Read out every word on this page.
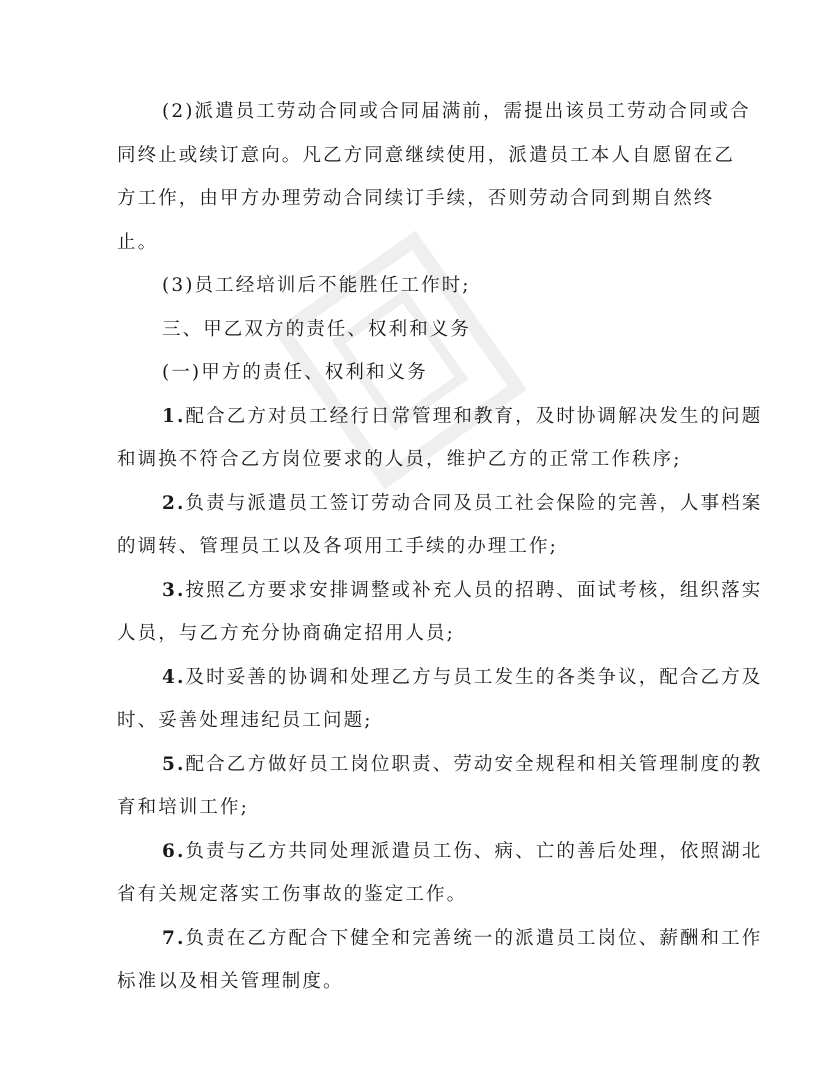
(2)派遣员工劳动合同或合同届满前，需提出该员工劳动合同或合
同终止或续订意向。凡乙方同意继续使用，派遣员工本人自愿留在乙
方工作，由甲方办理劳动合同续订手续，否则劳动合同到期自然终
止。
(3)员工经培训后不能胜任工作时;
三、甲乙双方的责任、权利和义务
(一)甲方的责任、权利和义务
1.配合乙方对员工经行日常管理和教育，及时协调解决发生的问题
和调换不符合乙方岗位要求的人员，维护乙方的正常工作秩序;
2.负责与派遣员工签订劳动合同及员工社会保险的完善，人事档案
的调转、管理员工以及各项用工手续的办理工作;
3.按照乙方要求安排调整或补充人员的招聘、面试考核，组织落实
人员，与乙方充分协商确定招用人员;
4.及时妥善的协调和处理乙方与员工发生的各类争议，配合乙方及
时、妥善处理违纪员工问题;
5.配合乙方做好员工岗位职责、劳动安全规程和相关管理制度的教
育和培训工作;
6.负责与乙方共同处理派遣员工伤、病、亡的善后处理，依照湖北
省有关规定落实工伤事故的鉴定工作。
7.负责在乙方配合下健全和完善统一的派遣员工岗位、薪酬和工作
标准以及相关管理制度。
